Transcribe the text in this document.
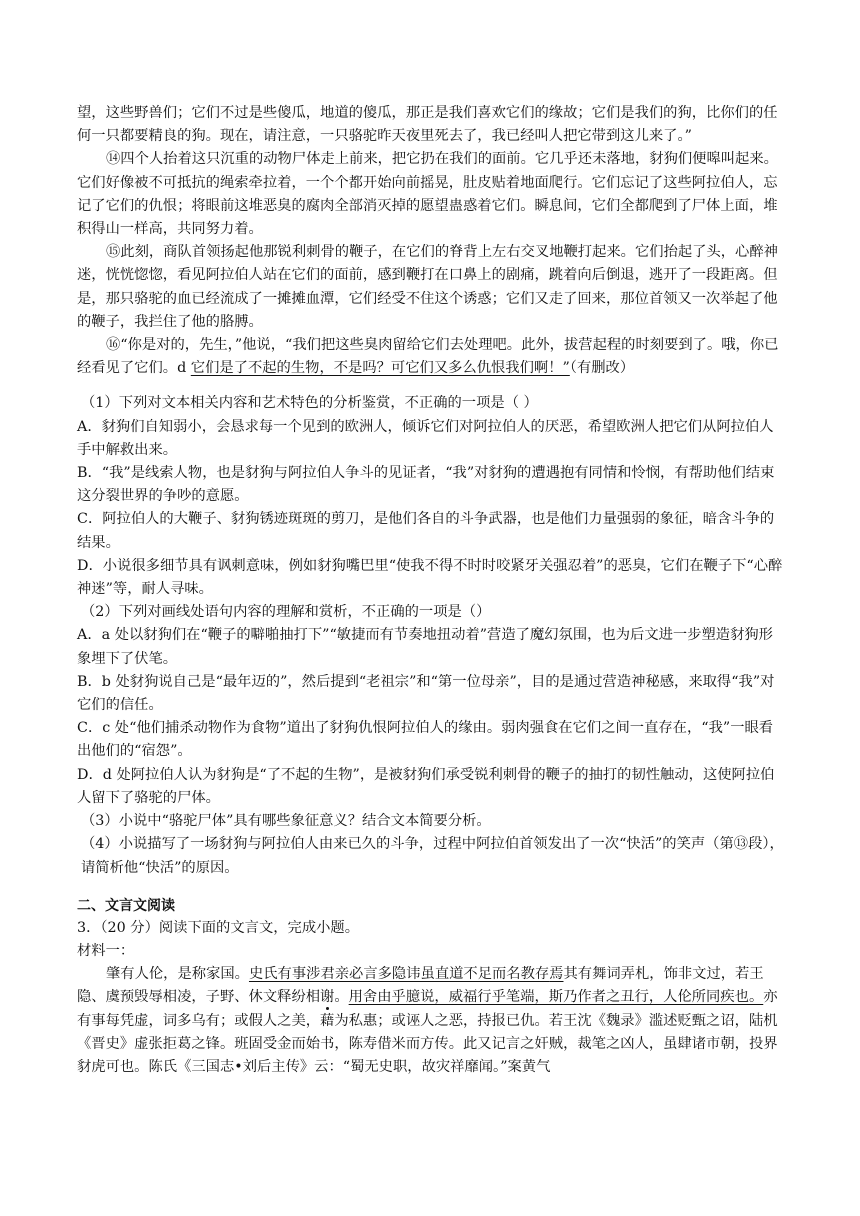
望，这些野兽们；它们不过是些傻瓜，地道的傻瓜，那正是我们喜欢它们的缘故；它们是我们的狗，比你们的任何一只都要精良的狗。现在，请注意，一只骆驼昨天夜里死去了，我已经叫人把它带到这儿来了。”

⑭四个人抬着这只沉重的动物尸体走上前来，把它扔在我们的面前。它几乎还未落地，豺狗们便嗥叫起来。它们好像被不可抵抗的绳索牵拉着，一个个都开始向前摇晃，肚皮贴着地面爬行。它们忘记了这些阿拉伯人，忘记了它们的仇恨；将眼前这堆恶臭的腐肉全部消灭掉的愿望蛊惑着它们。瞬息间，它们全都爬到了尸体上面，堆积得山一样高，共同努力着。

⑮此刻，商队首领扬起他那锐利刺骨的鞭子，在它们的脊背上左右交叉地鞭打起来。它们抬起了头，心醉神迷，恍恍惚惚，看见阿拉伯人站在它们的面前，感到鞭打在口鼻上的剧痛，跳着向后倒退，逃开了一段距离。但是，那只骆驼的血已经流成了一摊摊血潭，它们经受不住这个诱惑；它们又走了回来，那位首领又一次举起了他的鞭子，我拦住了他的胳膊。

⑯“你是对的，先生，”他说，“我们把这些臭肉留给它们去处理吧。此外，拔营起程的时刻要到了。哦，你已经看见了它们。d 它们是了不起的生物，不是吗？可它们又多么仇恨我们啊！”（有删改）

（1）下列对文本相关内容和艺术特色的分析鉴赏，不正确的一项是（ ）
A．豺狗们自知弱小，会恳求每一个见到的欧洲人，倾诉它们对阿拉伯人的厌恶，希望欧洲人把它们从阿拉伯人手中解救出来。
B．“我”是线索人物，也是豺狗与阿拉伯人争斗的见证者，“我”对豺狗的遭遇抱有同情和怜悯，有帮助他们结束这分裂世界的争吵的意愿。
C．阿拉伯人的大鞭子、豺狗锈迹斑斑的剪刀，是他们各自的斗争武器，也是他们力量强弱的象征，暗含斗争的结果。
D．小说很多细节具有讽刺意味，例如豺狗嘴巴里“使我不得不时时咬紧牙关强忍着”的恶臭，它们在鞭子下“心醉神迷”等，耐人寻味。
（2）下列对画线处语句内容的理解和赏析，不正确的一项是（）
A．a 处以豺狗们在“鞭子的噼啪抽打下”“敏捷而有节奏地扭动着”营造了魔幻氛围，也为后文进一步塑造豺狗形象埋下了伏笔。
B．b 处豺狗说自己是“最年迈的”，然后提到“老祖宗”和“第一位母亲”，目的是通过营造神秘感，来取得“我”对它们的信任。
C．c 处“他们捕杀动物作为食物”道出了豺狗仇恨阿拉伯人的缘由。弱肉强食在它们之间一直存在，“我”一眼看出他们的“宿怨”。
D．d 处阿拉伯人认为豺狗是“了不起的生物”，是被豺狗们承受锐利刺骨的鞭子的抽打的韧性触动，这使阿拉伯人留下了骆驼的尸体。
（3）小说中“骆驼尸体”具有哪些象征意义？结合文本简要分析。
（4）小说描写了一场豺狗与阿拉伯人由来已久的斗争，过程中阿拉伯首领发出了一次“快活”的笑声（第⑬段），请简析他“快活”的原因。

二、文言文阅读

3．（20 分）阅读下面的文言文，完成小题。

材料一：

肇有人伦，是称家国。史氏有事涉君亲必言多隐讳虽直道不足而名教存焉其有舞词弄札，饰非文过，若王隐、虞预毁辱相凌，子野、休文释纷相谢。用舍由乎臆说，威福行乎笔端，斯乃作者之丑行，人伦所同疾也。亦有事每凭虚，词多乌有；或假人之美，藉为私惠；或诬人之恶，持报已仇。若王沈《魏录》滥述贬甄之诏，陆机《晋史》虚张拒葛之锋。班固受金而始书，陈寿借米而方传。此又记言之奸贼，裁笔之凶人，虽肆诸市朝，投界豺虎可也。陈氏《三国志•刘后主传》云：“蜀无史职，故灾祥靡闻。”案黄气
